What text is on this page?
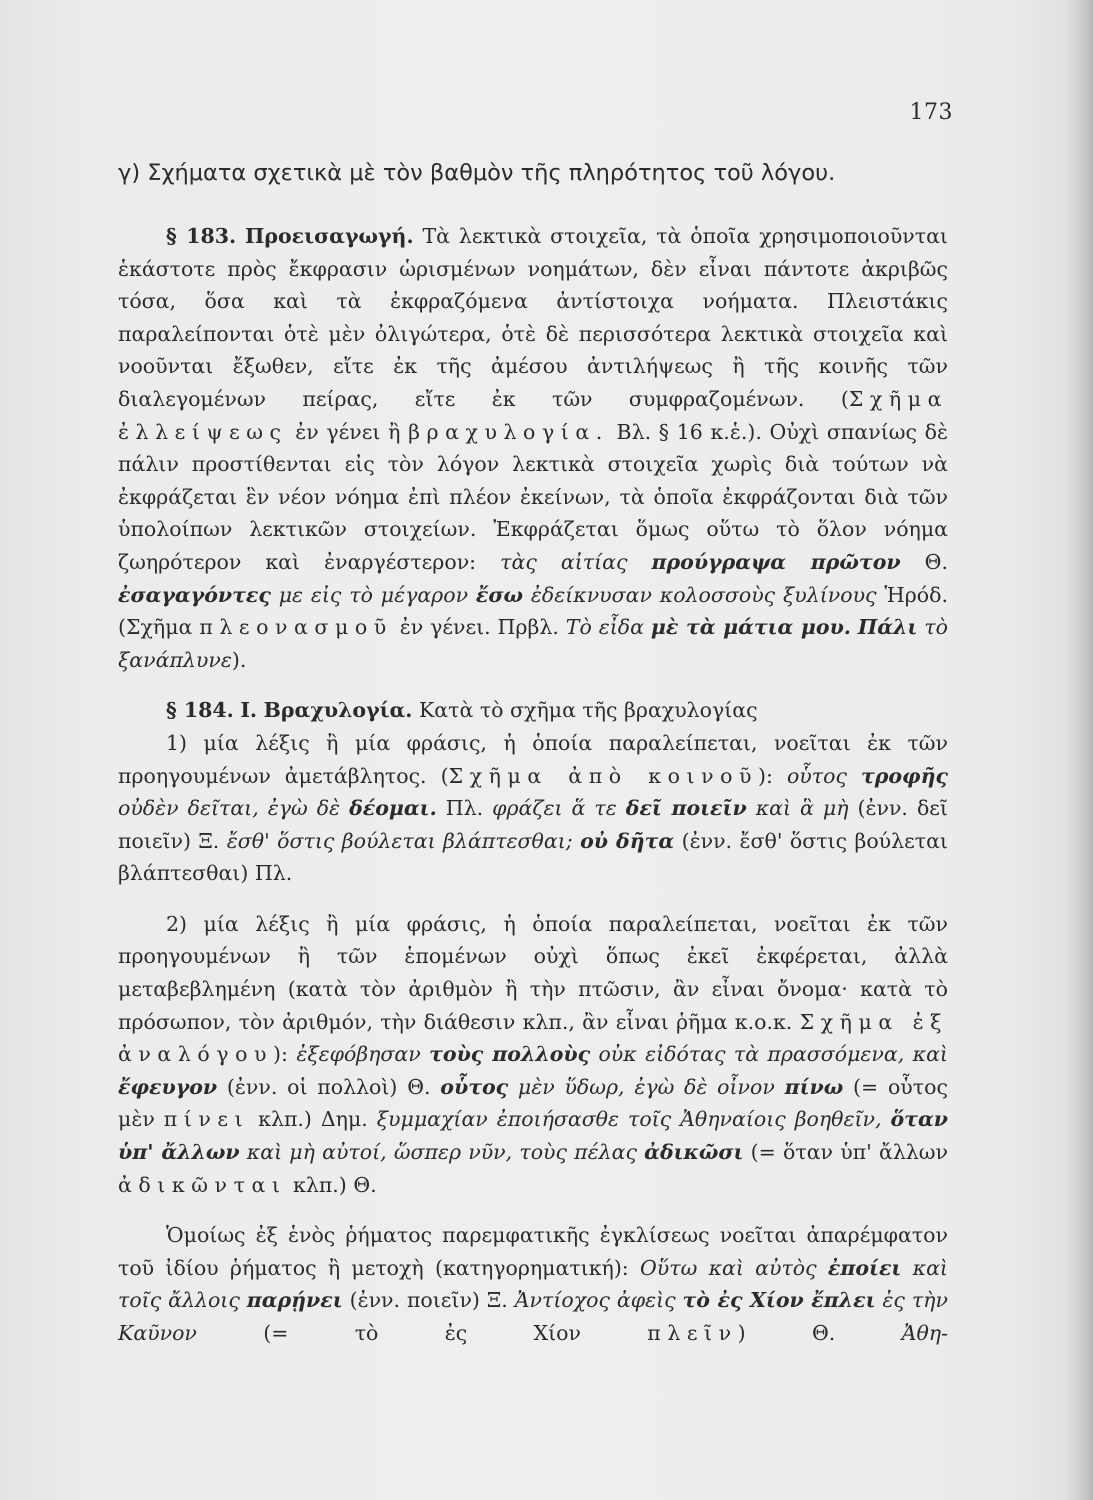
173
γ) Σχήματα σχετικὰ μὲ τὸν βαθμὸν τῆς πληρότητος τοῦ λόγου.

§ 183. Προεισαγωγή. Τὰ λεκτικὰ στοιχεῖα, τὰ ὁποῖα χρησιμοποιοῦνται ἑκάστοτε πρὸς ἔκφρασιν ὡρισμένων νοημάτων, δὲν εἶναι πάντοτε ἀκριβῶς τόσα, ὅσα καὶ τὰ ἐκφραζόμενα ἀντίστοιχα νοήματα. Πλειστάκις παραλείπονται ὁτὲ μὲν ὀλιγώτερα, ὁτὲ δὲ περισσότερα λεκτικὰ στοιχεῖα καὶ νοοῦνται ἔξωθεν, εἴτε ἐκ τῆς ἀμέσου ἀντιλήψεως ἢ τῆς κοινῆς τῶν διαλεγομένων πείρας, εἴτε ἐκ τῶν συμφραζομένων. (Σχῆμα ἐλλείψεως ἐν γένει ἢ βραχυλογία. Βλ. § 16 κ.ἑ.). Οὐχὶ σπανίως δὲ πάλιν προστίθενται εἰς τὸν λόγον λεκτικὰ στοιχεῖα χωρὶς διὰ τούτων νὰ ἐκφράζεται ἓν νέον νόημα ἐπὶ πλέον ἐκείνων, τὰ ὁποῖα ἐκφράζονται διὰ τῶν ὑπολοίπων λεκτικῶν στοιχείων. Ἐκφράζεται ὅμως οὕτω τὸ ὅλον νόημα ζωηρότερον καὶ ἐναργέστερον: τὰς αἰτίας προύγραψα πρῶτον Θ. ἐσαγαγόντες με εἰς τὸ μέγαρον ἔσω ἐδείκνυσαν κολοσσοὺς ξυλίνους Ἡρόδ. (Σχῆμα πλεονασμοῦ ἐν γένει. Πρβλ. Τὸ εἶδα μὲ τὰ μάτια μου. Πάλι τὸ ξανάπλυνε).

§ 184. Ι. Βραχυλογία. Κατὰ τὸ σχῆμα τῆς βραχυλογίας

1) μία λέξις ἢ μία φράσις, ἡ ὁποία παραλείπεται, νοεῖται ἐκ τῶν προηγουμένων ἀμετάβλητος. (Σχῆμα ἀπὸ κοινοῦ): οὗτος τροφῆς οὐδὲν δεῖται, ἐγὼ δὲ δέομαι. Πλ. φράζει ἅ τε δεῖ ποιεῖν καὶ ἃ μὴ (ἐνν. δεῖ ποιεῖν) Ξ. ἔσθ' ὅστις βούλεται βλάπτεσθαι; οὐ δῆτα (ἐνν. ἔσθ' ὅστις βούλεται βλάπτεσθαι) Πλ.

2) μία λέξις ἢ μία φράσις, ἡ ὁποία παραλείπεται, νοεῖται ἐκ τῶν προηγουμένων ἢ τῶν ἑπομένων οὐχὶ ὅπως ἐκεῖ ἐκφέρεται, ἀλλὰ μεταβεβλημένη (κατὰ τὸν ἀριθμὸν ἢ τὴν πτῶσιν, ἂν εἶναι ὄνομα· κατὰ τὸ πρόσωπον, τὸν ἀριθμόν, τὴν διάθεσιν κλπ., ἂν εἶναι ῥῆμα κ.ο.κ. Σχῆμα ἐξ ἀναλόγου): ἐξεφόβησαν τοὺς πολλοὺς οὐκ εἰδότας τὰ πρασσόμενα, καὶ ἔφευγον (ἐνν. οἱ πολλοὶ) Θ. οὗτος μὲν ὕδωρ, ἐγὼ δὲ οἶνον πίνω (= οὗτος μὲν πίνει κλπ.) Δημ. ξυμμαχίαν ἐποιήσασθε τοῖς Ἀθηναίοις βοηθεῖν, ὅταν ὑπ' ἄλλων καὶ μὴ αὐτοί, ὥσπερ νῦν, τοὺς πέλας ἀδικῶσι (= ὅταν ὑπ' ἄλλων ἀδικῶνται κλπ.) Θ.

Ὁμοίως ἐξ ἑνὸς ῥήματος παρεμφατικῆς ἐγκλίσεως νοεῖται ἀπαρέμφατον τοῦ ἰδίου ῥήματος ἢ μετοχὴ (κατηγορηματική): Οὕτω καὶ αὐτὸς ἐποίει καὶ τοῖς ἄλλοις παρῄνει (ἐνν. ποιεῖν) Ξ. Ἀντίοχος ἀφεὶς τὸ ἐς Χίον ἔπλει ἐς τὴν Καῦνον	(= τὸ ἐς Χίον	πλεῖν) Θ.	Ἀθη-
